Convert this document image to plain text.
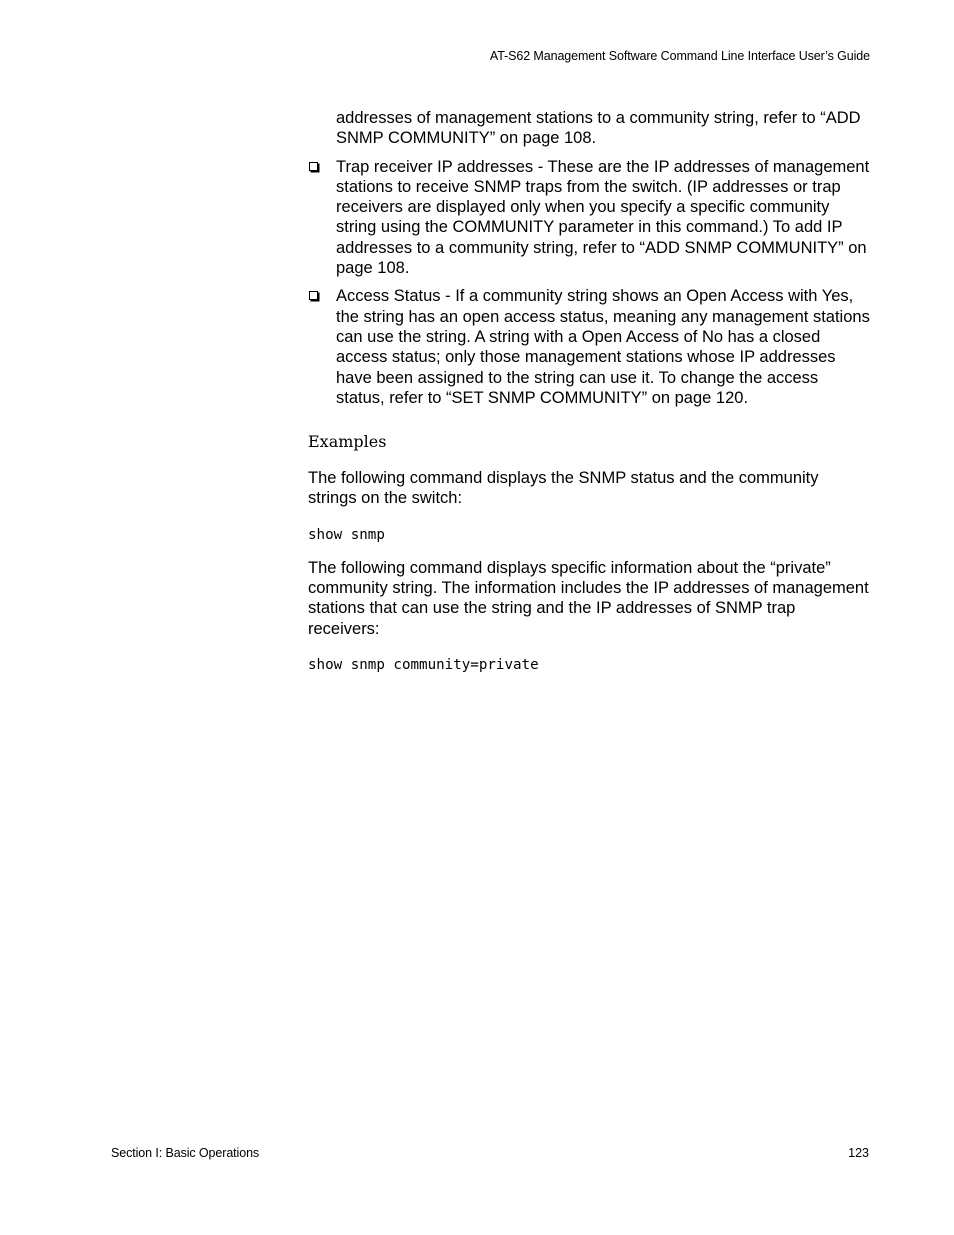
AT-S62 Management Software Command Line Interface User’s Guide

addresses of management stations to a community string, refer to “ADD SNMP COMMUNITY” on page 108.

Trap receiver IP addresses - These are the IP addresses of management stations to receive SNMP traps from the switch. (IP addresses or trap receivers are displayed only when you specify a specific community string using the COMMUNITY parameter in this command.) To add IP addresses to a community string, refer to “ADD SNMP COMMUNITY” on page 108.

Access Status - If a community string shows an Open Access with Yes, the string has an open access status, meaning any management stations can use the string. A string with a Open Access of No has a closed access status; only those management stations whose IP addresses have been assigned to the string can use it. To change the access status, refer to “SET SNMP COMMUNITY” on page 120.

Examples

The following command displays the SNMP status and the community strings on the switch:

show snmp

The following command displays specific information about the “private” community string. The information includes the IP addresses of management stations that can use the string and the IP addresses of SNMP trap receivers:

show snmp community=private

Section I: Basic Operations	123
